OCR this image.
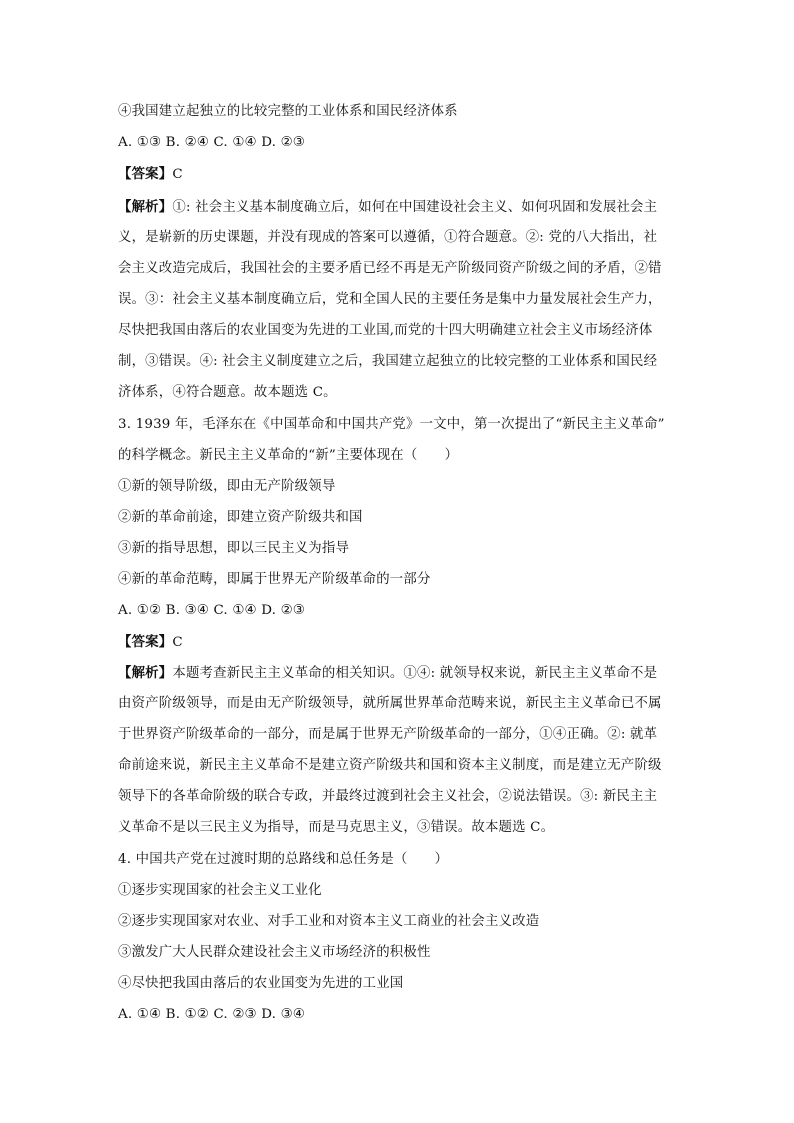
④我国建立起独立的比较完整的工业体系和国民经济体系
A. ①③ B. ②④ C. ①④ D. ②③
【答案】C
【解析】①: 社会主义基本制度确立后，如何在中国建设社会主义、如何巩固和发展社会主
义，是崭新的历史课题，并没有现成的答案可以遵循，①符合题意。②: 党的八大指出，社
会主义改造完成后，我国社会的主要矛盾已经不再是无产阶级同资产阶级之间的矛盾，②错
误。③：社会主义基本制度确立后，党和全国人民的主要任务是集中力量发展社会生产力，
尽快把我国由落后的农业国变为先进的工业国,而党的十四大明确建立社会主义市场经济体
制，③错误。④: 社会主义制度建立之后，我国建立起独立的比较完整的工业体系和国民经
济体系，④符合题意。故本题选 C。
3. 1939 年，毛泽东在《中国革命和中国共产党》一文中，第一次提出了“新民主主义革命”
的科学概念。新民主主义革命的“新”主要体现在（　　）
①新的领导阶级，即由无产阶级领导
②新的革命前途，即建立资产阶级共和国
③新的指导思想，即以三民主义为指导
④新的革命范畴，即属于世界无产阶级革命的一部分
A. ①② B. ③④ C. ①④ D. ②③
【答案】C
【解析】本题考查新民主主义革命的相关知识。①④: 就领导权来说，新民主主义革命不是
由资产阶级领导，而是由无产阶级领导，就所属世界革命范畴来说，新民主主义革命已不属
于世界资产阶级革命的一部分，而是属于世界无产阶级革命的一部分，①④正确。②: 就革
命前途来说，新民主主义革命不是建立资产阶级共和国和资本主义制度，而是建立无产阶级
领导下的各革命阶级的联合专政，并最终过渡到社会主义社会，②说法错误。③: 新民主主
义革命不是以三民主义为指导，而是马克思主义，③错误。故本题选 C。
4. 中国共产党在过渡时期的总路线和总任务是（　　）
①逐步实现国家的社会主义工业化
②逐步实现国家对农业、对手工业和对资本主义工商业的社会主义改造
③激发广大人民群众建设社会主义市场经济的积极性
④尽快把我国由落后的农业国变为先进的工业国
A. ①④ B. ①② C. ②③ D. ③④
